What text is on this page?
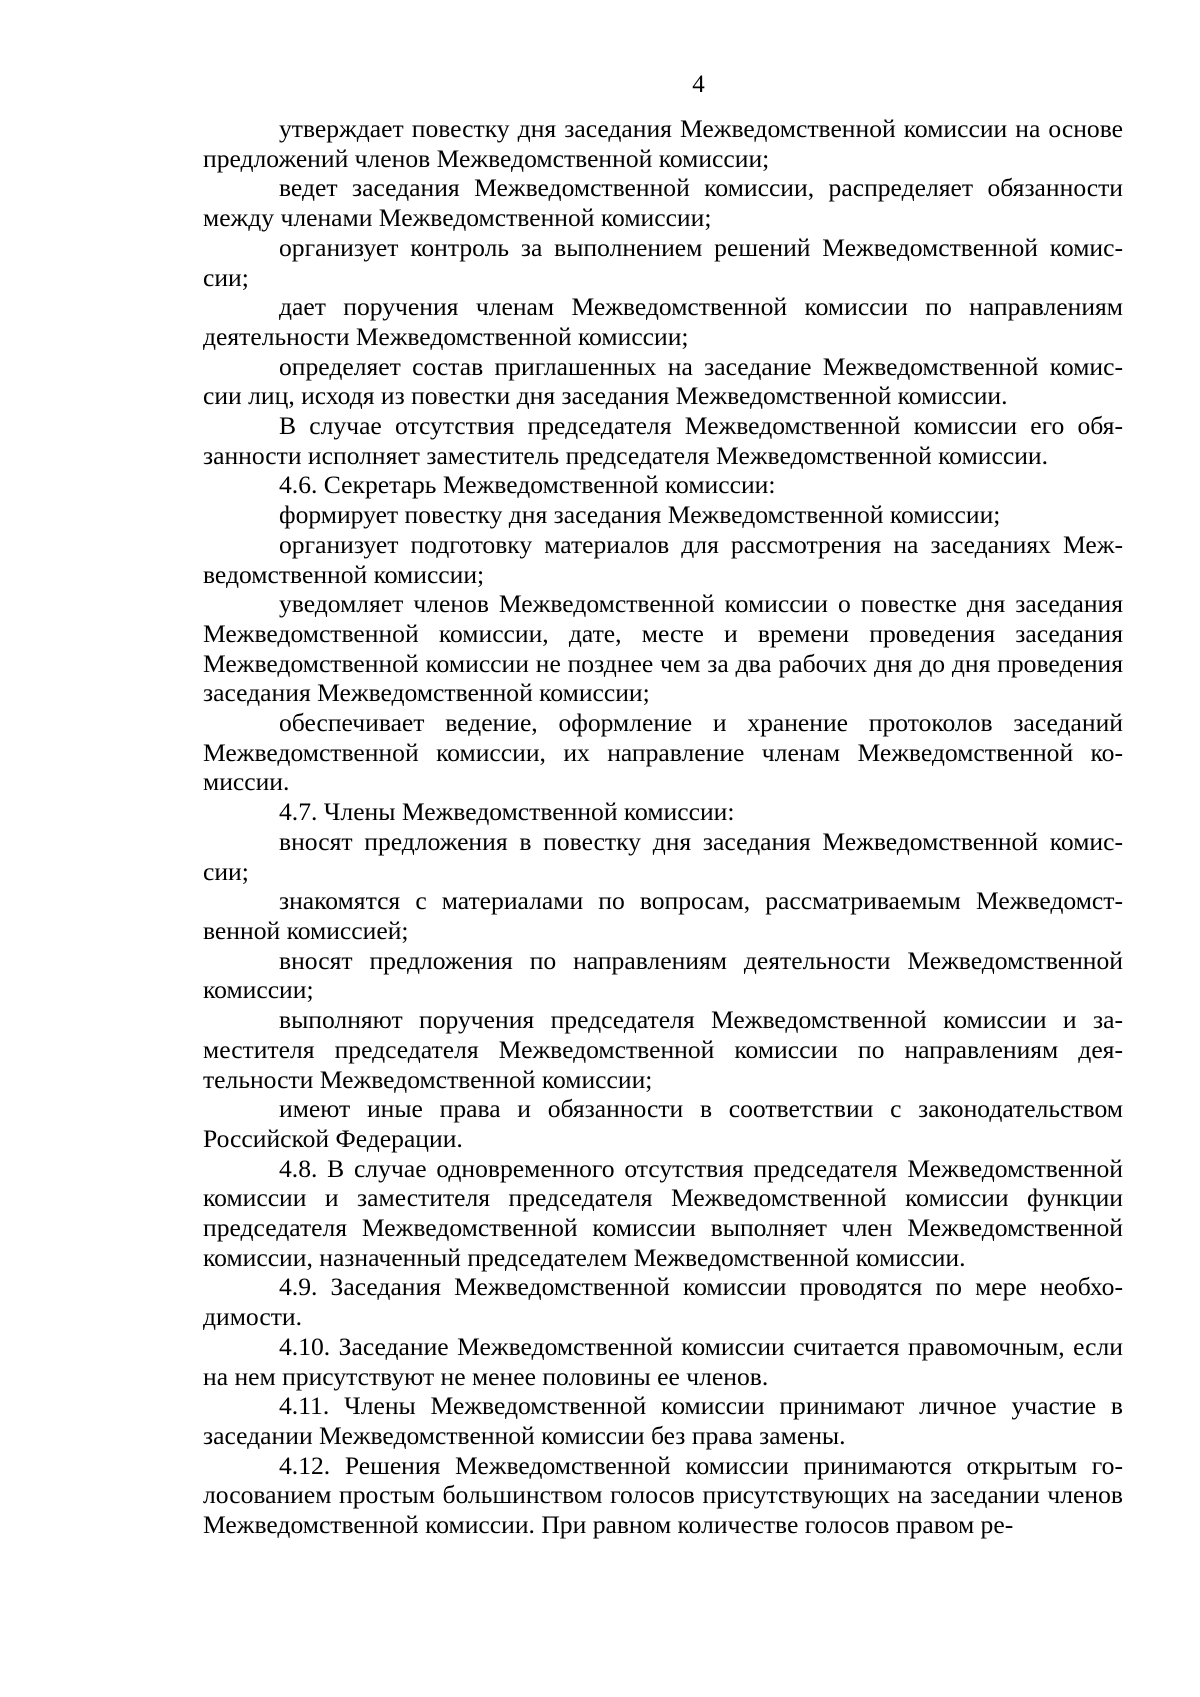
4

утверждает повестку дня заседания Межведомственной комиссии на основе предложений членов Межведомственной комиссии;

ведет заседания Межведомственной комиссии, распределяет обязанности между членами Межведомственной комиссии;

организует контроль за выполнением решений Межведомственной комиссии;

дает поручения членам Межведомственной комиссии по направлениям деятельности Межведомственной комиссии;

определяет состав приглашенных на заседание Межведомственной комиссии лиц, исходя из повестки дня заседания Межведомственной комиссии.

В случае отсутствия председателя Межведомственной комиссии его обязанности исполняет заместитель председателя Межведомственной комиссии.

4.6. Секретарь Межведомственной комиссии:

формирует повестку дня заседания Межведомственной комиссии;

организует подготовку материалов для рассмотрения на заседаниях Межведомственной комиссии;

уведомляет членов Межведомственной комиссии о повестке дня заседания Межведомственной комиссии, дате, месте и времени проведения заседания Межведомственной комиссии не позднее чем за два рабочих дня до дня проведения заседания Межведомственной комиссии;

обеспечивает ведение, оформление и хранение протоколов заседаний Межведомственной комиссии, их направление членам Межведомственной комиссии.

4.7. Члены Межведомственной комиссии:

вносят предложения в повестку дня заседания Межведомственной комиссии;

знакомятся с материалами по вопросам, рассматриваемым Межведомственной комиссией;

вносят предложения по направлениям деятельности Межведомственной комиссии;

выполняют поручения председателя Межведомственной комиссии и заместителя председателя Межведомственной комиссии по направлениям деятельности Межведомственной комиссии;

имеют иные права и обязанности в соответствии с законодательством Российской Федерации.

4.8. В случае одновременного отсутствия председателя Межведомственной комиссии и заместителя председателя Межведомственной комиссии функции председателя Межведомственной комиссии выполняет член Межведомственной комиссии, назначенный председателем Межведомственной комиссии.

4.9. Заседания Межведомственной комиссии проводятся по мере необходимости.

4.10. Заседание Межведомственной комиссии считается правомочным, если на нем присутствуют не менее половины ее членов.

4.11. Члены Межведомственной комиссии принимают личное участие в заседании Межведомственной комиссии без права замены.

4.12. Решения Межведомственной комиссии принимаются открытым голосованием простым большинством голосов присутствующих на заседании членов Межведомственной комиссии. При равном количестве голосов правом ре-
